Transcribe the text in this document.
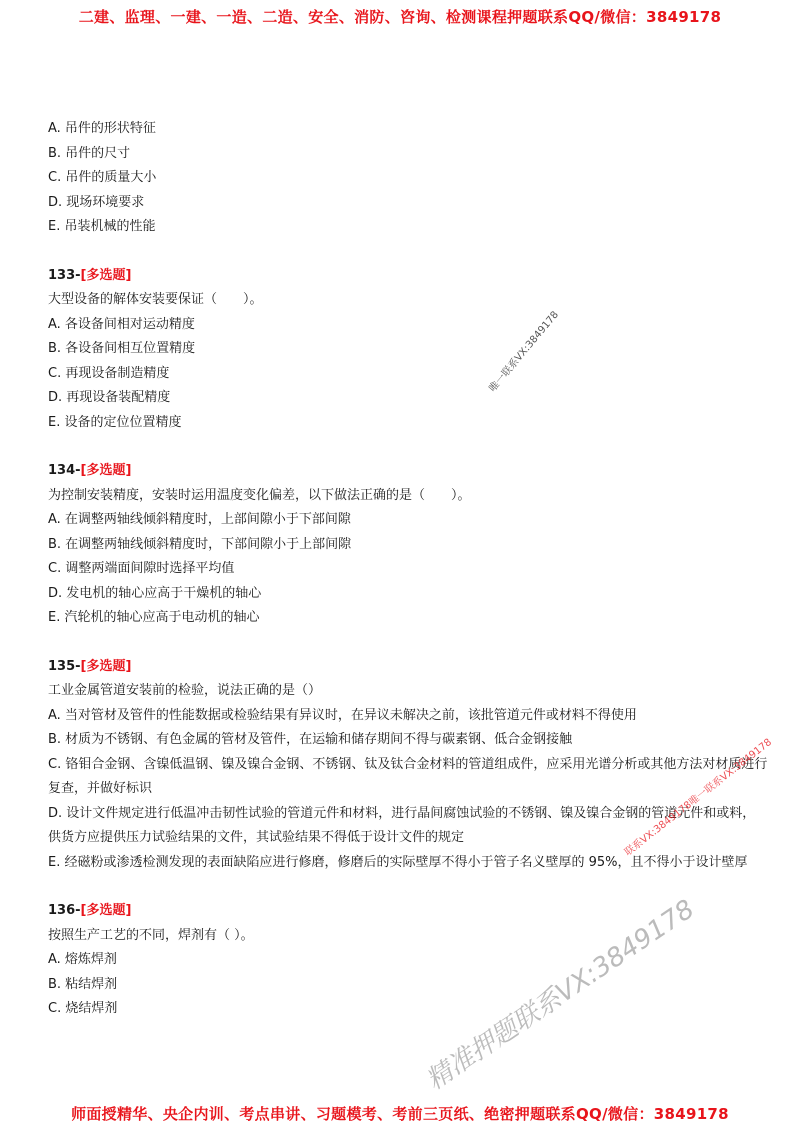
二建、监理、一建、一造、二造、安全、消防、咨询、检测课程押题联系QQ/微信：3849178

A. 吊件的形状特征

B. 吊件的尺寸

C. 吊件的质量大小

D. 现场环境要求

E. 吊装机械的性能

133-[多选题]

大型设备的解体安装要保证（　　）。

A. 各设备间相对运动精度

B. 各设备间相互位置精度

C. 再现设备制造精度

D. 再现设备装配精度

E. 设备的定位位置精度

134-[多选题]

为控制安装精度，安装时运用温度变化偏差，以下做法正确的是（　　）。

A. 在调整两轴线倾斜精度时，上部间隙小于下部间隙

B. 在调整两轴线倾斜精度时，下部间隙小于上部间隙

C. 调整两端面间隙时选择平均值

D. 发电机的轴心应高于干燥机的轴心

E. 汽轮机的轴心应高于电动机的轴心

135-[多选题]

工业金属管道安装前的检验，说法正确的是（）

A. 当对管材及管件的性能数据或检验结果有异议时，在异议未解决之前，该批管道元件或材料不得使用

B. 材质为不锈钢、有色金属的管材及管件，在运输和储存期间不得与碳素钢、低合金钢接触

C. 铬钼合金钢、含镍低温钢、镍及镍合金钢、不锈钢、钛及钛合金材料的管道组成件，应采用光谱分析或其他方法对材质进行复查，并做好标识

D. 设计文件规定进行低温冲击韧性试验的管道元件和材料，进行晶间腐蚀试验的不锈钢、镍及镍合金钢的管道元件和或料，供货方应提供压力试验结果的文件，其试验结果不得低于设计文件的规定

E. 经磁粉或渗透检测发现的表面缺陷应进行修磨，修磨后的实际壁厚不得小于管子名义壁厚的 95%，且不得小于设计壁厚

136-[多选题]

按照生产工艺的不同，焊剂有（ ）。

A. 熔炼焊剂

B. 粘结焊剂

C. 烧结焊剂

唯一联系VX:3849178
联系VX:3849178唯一联系VX:3849178
精准押题联系VX:3849178
师面授精华、央企内训、考点串讲、习题模考、考前三页纸、绝密押题联系QQ/微信：3849178
